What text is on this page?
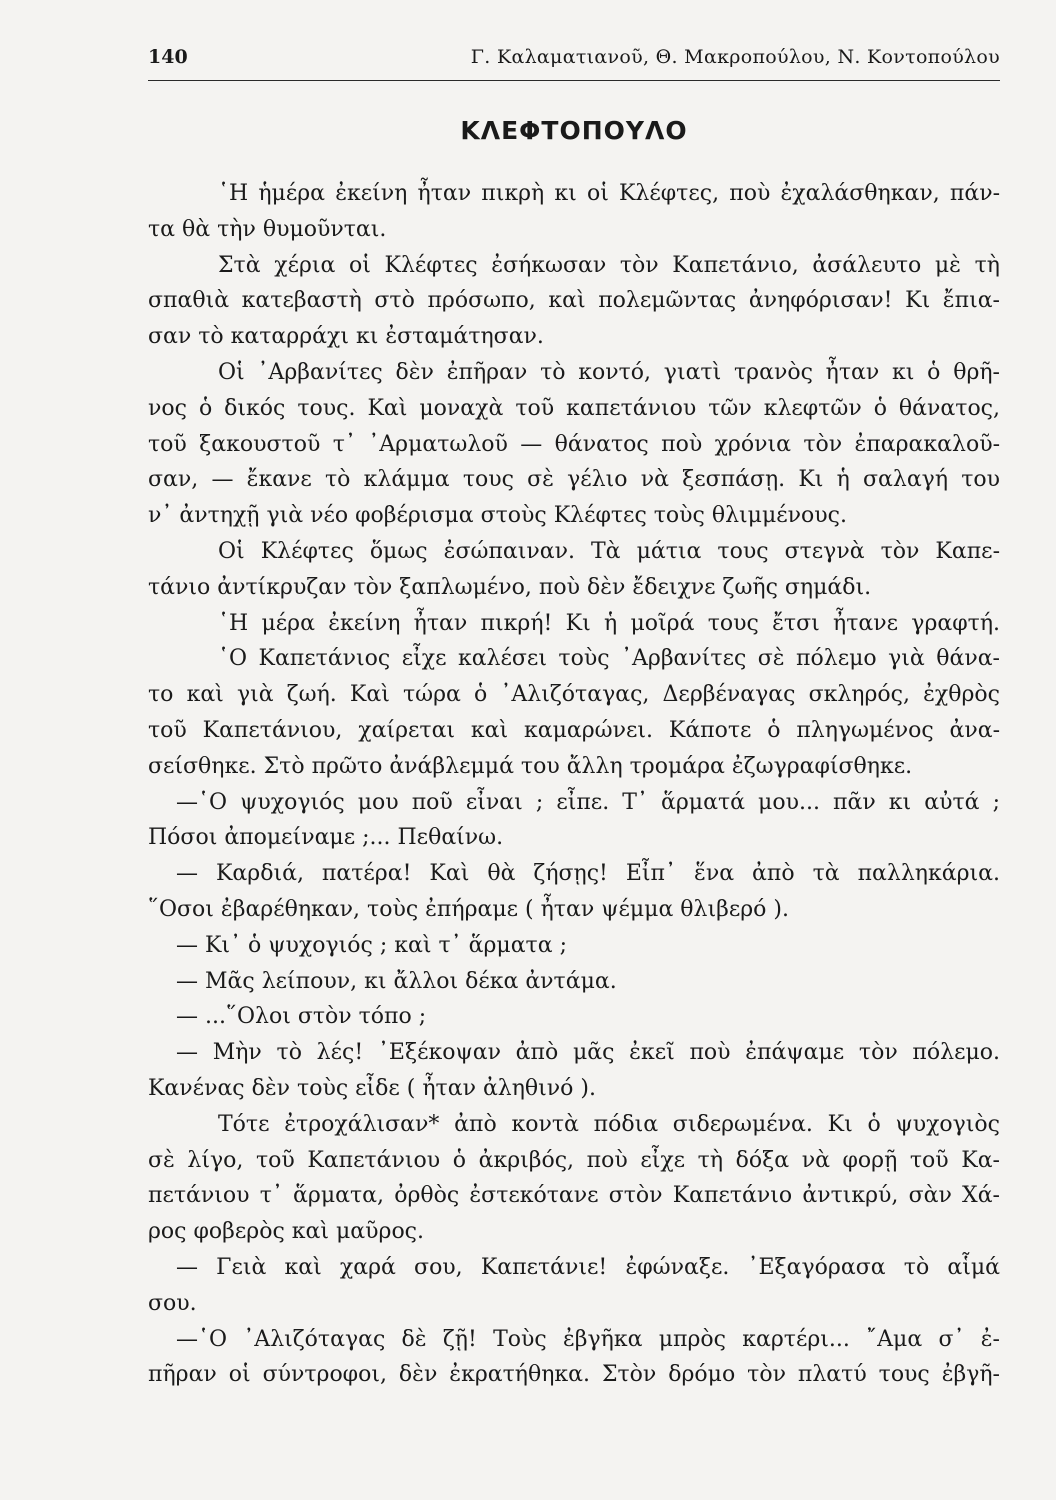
140	Γ. Καλαματιανοῦ, Θ. Μακροπούλου, Ν. Κοντοπούλου
ΚΛΕΦΤΟΠΟΥΛΟ
῾Η ἡμέρα ἐκείνη ἦταν πικρὴ κι οἱ Κλέφτες, ποὺ ἐχαλάσθηκαν, πάν-
τα θὰ τὴν θυμοῦνται.
Στὰ χέρια οἱ Κλέφτες ἐσήκωσαν τὸν Καπετάνιο, ἀσάλευτο μὲ τὴ
σπαθιὰ κατεβαστὴ στὸ πρόσωπο, καὶ πολεμῶντας ἀνηφόρισαν! Κι ἔπια-
σαν τὸ καταρράχι κι ἐσταμάτησαν.
Οἱ ᾿Αρβανίτες δὲν ἐπῆραν τὸ κοντό, γιατὶ τρανὸς ἦταν κι ὁ θρῆ-
νος ὁ δικός τους. Καὶ μοναχὰ τοῦ καπετάνιου τῶν κλεφτῶν ὁ θάνατος,
τοῦ ξακουστοῦ τ᾿ ᾿Αρματωλοῦ — θάνατος ποὺ χρόνια τὸν ἐπαρακαλοῦ-
σαν, — ἔκανε τὸ κλάμμα τους σὲ γέλιο νὰ ξεσπάσῃ. Κι ἡ σαλαγή του
ν᾿ ἀντηχῇ γιὰ νέο φοβέρισμα στοὺς Κλέφτες τοὺς θλιμμένους.
Οἱ Κλέφτες ὅμως ἐσώπαιναν. Τὰ μάτια τους στεγνὰ τὸν Καπε-
τάνιο ἀντίκρυζαν τὸν ξαπλωμένο, ποὺ δὲν ἔδειχνε ζωῆς σημάδι.
῾Η μέρα ἐκείνη ἦταν πικρή! Κι ἡ μοῖρά τους ἔτσι ἦτανε γραφτή.
῾Ο Καπετάνιος εἶχε καλέσει τοὺς ᾿Αρβανίτες σὲ πόλεμο γιὰ θάνα-
το καὶ γιὰ ζωή. Καὶ τώρα ὁ ᾿Αλιζόταγας, Δερβέναγας σκληρός, ἐχθρὸς
τοῦ Καπετάνιου, χαίρεται καὶ καμαρώνει. Κάποτε ὁ πληγωμένος ἀνα-
σείσθηκε. Στὸ πρῶτο ἀνάβλεμμά του ἄλλη τρομάρα ἐζωγραφίσθηκε.
—῾Ο ψυχογιός μου ποῦ εἶναι ; εἶπε. Τ᾿ ἅρματά μου... πᾶν κι αὐτά ;
Πόσοι ἀπομείναμε ;... Πεθαίνω.
— Καρδιά, πατέρα! Καὶ θὰ ζήσῃς! Εἶπ᾿ ἕνα ἀπὸ τὰ παλληκάρια.
῞Οσοι ἐβαρέθηκαν, τοὺς ἐπήραμε ( ἦταν ψέμμα θλιβερό ).
— Κι᾿ ὁ ψυχογιός ; καὶ τ᾿ ἅρματα ;
— Μᾶς λείπουν, κι ἄλλοι δέκα ἀντάμα.
— ...῞Ολοι στὸν τόπο ;
— Μὴν τὸ λές! ᾿Εξέκοψαν ἀπὸ μᾶς ἐκεῖ ποὺ ἐπάψαμε τὸν πόλεμο.
Κανένας δὲν τοὺς εἶδε ( ἦταν ἀληθινό ).
Τότε ἐτροχάλισαν* ἀπὸ κοντὰ πόδια σιδερωμένα. Κι ὁ ψυχογιὸς
σὲ λίγο, τοῦ Καπετάνιου ὁ ἀκριβός, ποὺ εἶχε τὴ δόξα νὰ φορῇ τοῦ Κα-
πετάνιου τ᾿ ἅρματα, ὀρθὸς ἐστεκότανε στὸν Καπετάνιο ἀντικρύ, σὰν Χά-
ρος φοβερὸς καὶ μαῦρος.
— Γειὰ καὶ χαρά σου, Καπετάνιε! ἐφώναξε. ᾿Εξαγόρασα τὸ αἷμά
σου.
—῾Ο ᾿Αλιζόταγας δὲ ζῇ! Τοὺς ἐβγῆκα μπρὸς καρτέρι... ῎Αμα σ᾿ ἐ-
πῆραν οἱ σύντροφοι, δὲν ἐκρατήθηκα. Στὸν δρόμο τὸν πλατύ τους ἐβγῆ-
